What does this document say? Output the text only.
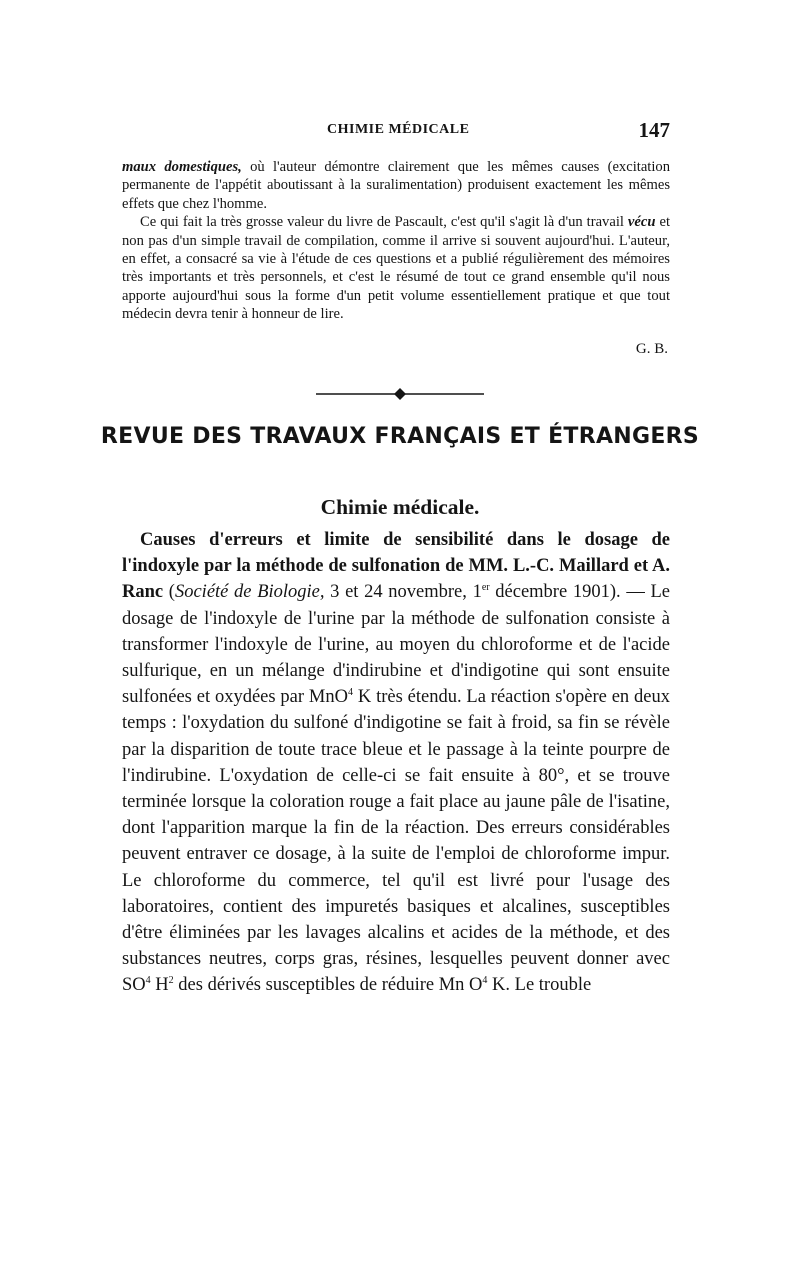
CHIMIE MÉDICALE	147

maux domestiques, où l'auteur démontre clairement que les mêmes causes (excitation permanente de l'appétit aboutissant à la suralimentation) produisent exactement les mêmes effets que chez l'homme.

Ce qui fait la très grosse valeur du livre de Pascault, c'est qu'il s'agit là d'un travail vécu et non pas d'un simple travail de compilation, comme il arrive si souvent aujourd'hui. L'auteur, en effet, a consacré sa vie à l'étude de ces questions et a publié régulièrement des mémoires très importants et très personnels, et c'est le résumé de tout ce grand ensemble qu'il nous apporte aujourd'hui sous la forme d'un petit volume essentiellement pratique et que tout médecin devra tenir à honneur de lire.

G. B.
REVUE DES TRAVAUX FRANÇAIS ET ÉTRANGERS
Chimie médicale.

Causes d'erreurs et limite de sensibilité dans le dosage de l'indoxyle par la méthode de sulfonation de MM. L.-C. Maillard et A. Ranc (Société de Biologie, 3 et 24 novembre, 1er décembre 1901). — Le dosage de l'indoxyle de l'urine par la méthode de sulfonation consiste à transformer l'indoxyle de l'urine, au moyen du chloroforme et de l'acide sulfurique, en un mélange d'indirubine et d'indigotine qui sont ensuite sulfonées et oxydées par MnO$^4$ K très étendu. La réaction s'opère en deux temps : l'oxydation du sulfoné d'indigotine se fait à froid, sa fin se révèle par la disparition de toute trace bleue et le passage à la teinte pourpre de l'indirubine. L'oxydation de celle-ci se fait ensuite à 80°, et se trouve terminée lorsque la coloration rouge a fait place au jaune pâle de l'isatine, dont l'apparition marque la fin de la réaction. Des erreurs considérables peuvent entraver ce dosage, à la suite de l'emploi de chloroforme impur. Le chloroforme du commerce, tel qu'il est livré pour l'usage des laboratoires, contient des impuretés basiques et alcalines, susceptibles d'être éliminées par les lavages alcalins et acides de la méthode, et des substances neutres, corps gras, résines, lesquelles peuvent donner avec $SO^4$ $H^2$ des dérivés susceptibles de réduire Mn $O^4$ K. Le trouble
